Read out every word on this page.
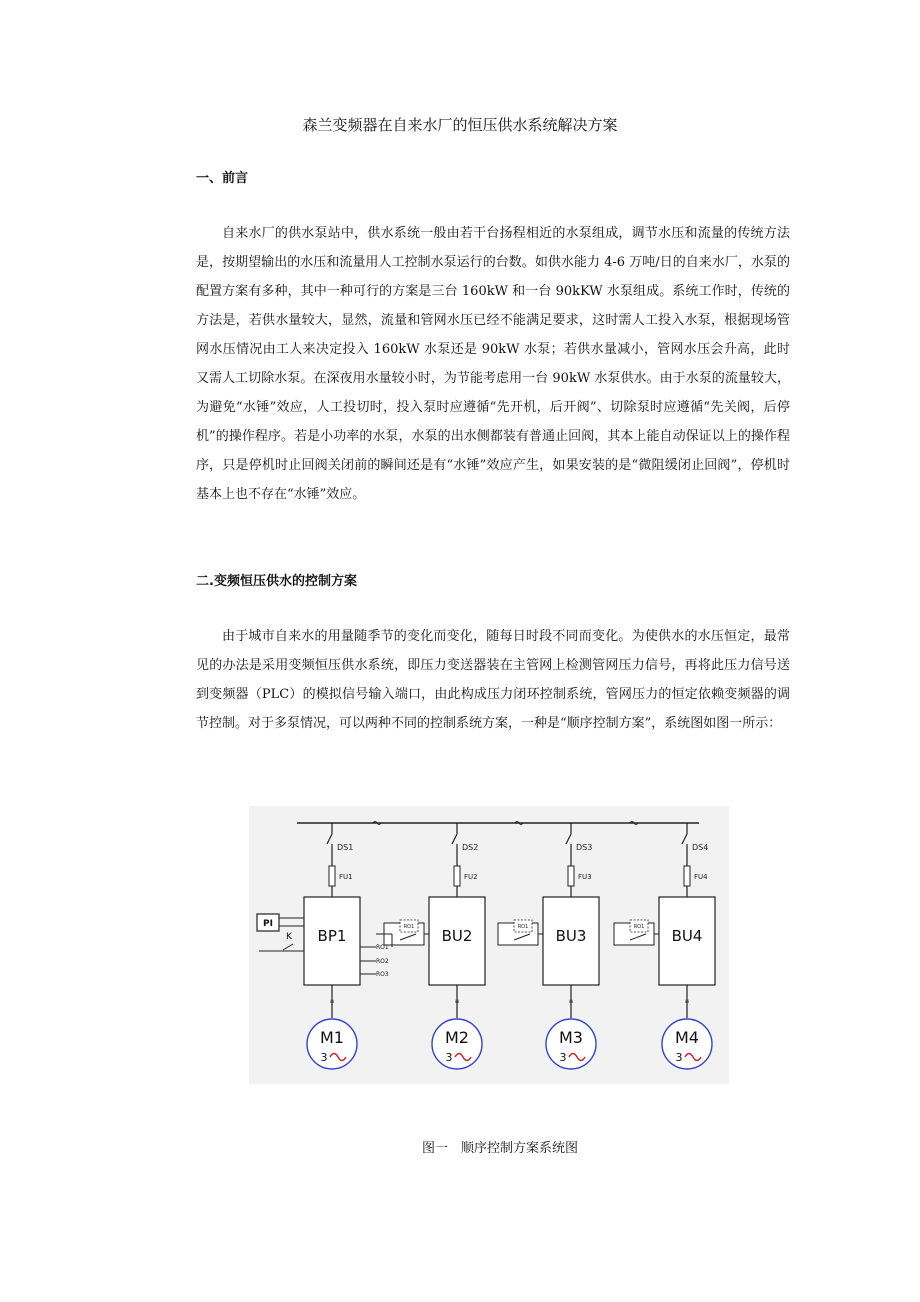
森兰变频器在自来水厂的恒压供水系统解决方案
一、前言

自来水厂的供水泵站中，供水系统一般由若干台扬程相近的水泵组成，调节水压和流量的传统方法是，按期望输出的水压和流量用人工控制水泵运行的台数。如供水能力 4-6 万吨/日的自来水厂，水泵的配置方案有多种，其中一种可行的方案是三台 160kW 和一台 90kKW 水泵组成。系统工作时，传统的方法是，若供水量较大，显然，流量和管网水压已经不能满足要求，这时需人工投入水泵，根据现场管网水压情况由工人来决定投入 160kW 水泵还是 90kW 水泵；若供水量减小，管网水压会升高，此时又需人工切除水泵。在深夜用水量较小时，为节能考虑用一台 90kW 水泵供水。由于水泵的流量较大，为避免“水锤”效应，人工投切时，投入泵时应遵循“先开机，后开阀”、切除泵时应遵循“先关阀，后停机”的操作程序。若是小功率的水泵，水泵的出水侧都装有普通止回阀，其本上能自动保证以上的操作程序，只是停机时止回阀关闭前的瞬间还是有“水锤”效应产生，如果安装的是“微阻缓闭止回阀”，停机时基本上也不存在“水锤”效应。

二.变频恒压供水的控制方案

由于城市自来水的用量随季节的变化而变化，随每日时段不同而变化。为使供水的水压恒定，最常见的办法是采用变频恒压供水系统，即压力变送器装在主管网上检测管网压力信号，再将此压力信号送到变频器（PLC）的模拟信号输入端口，由此构成压力闭环控制系统，管网压力的恒定依赖变频器的调节控制。对于多泵情况，可以两种不同的控制系统方案，一种是“顺序控制方案”，系统图如图一所示：

DS1
FU1
BP1
≡
M1
3
DS2
FU2
BU2
≡
M2
3
RO1
DS3
FU3
BU3
≡
M3
3
RO1
DS4
FU4
BU4
≡
M4
3
RO1
PI
K
RO1
RO2
RO3
图一　顺序控制方案系统图
